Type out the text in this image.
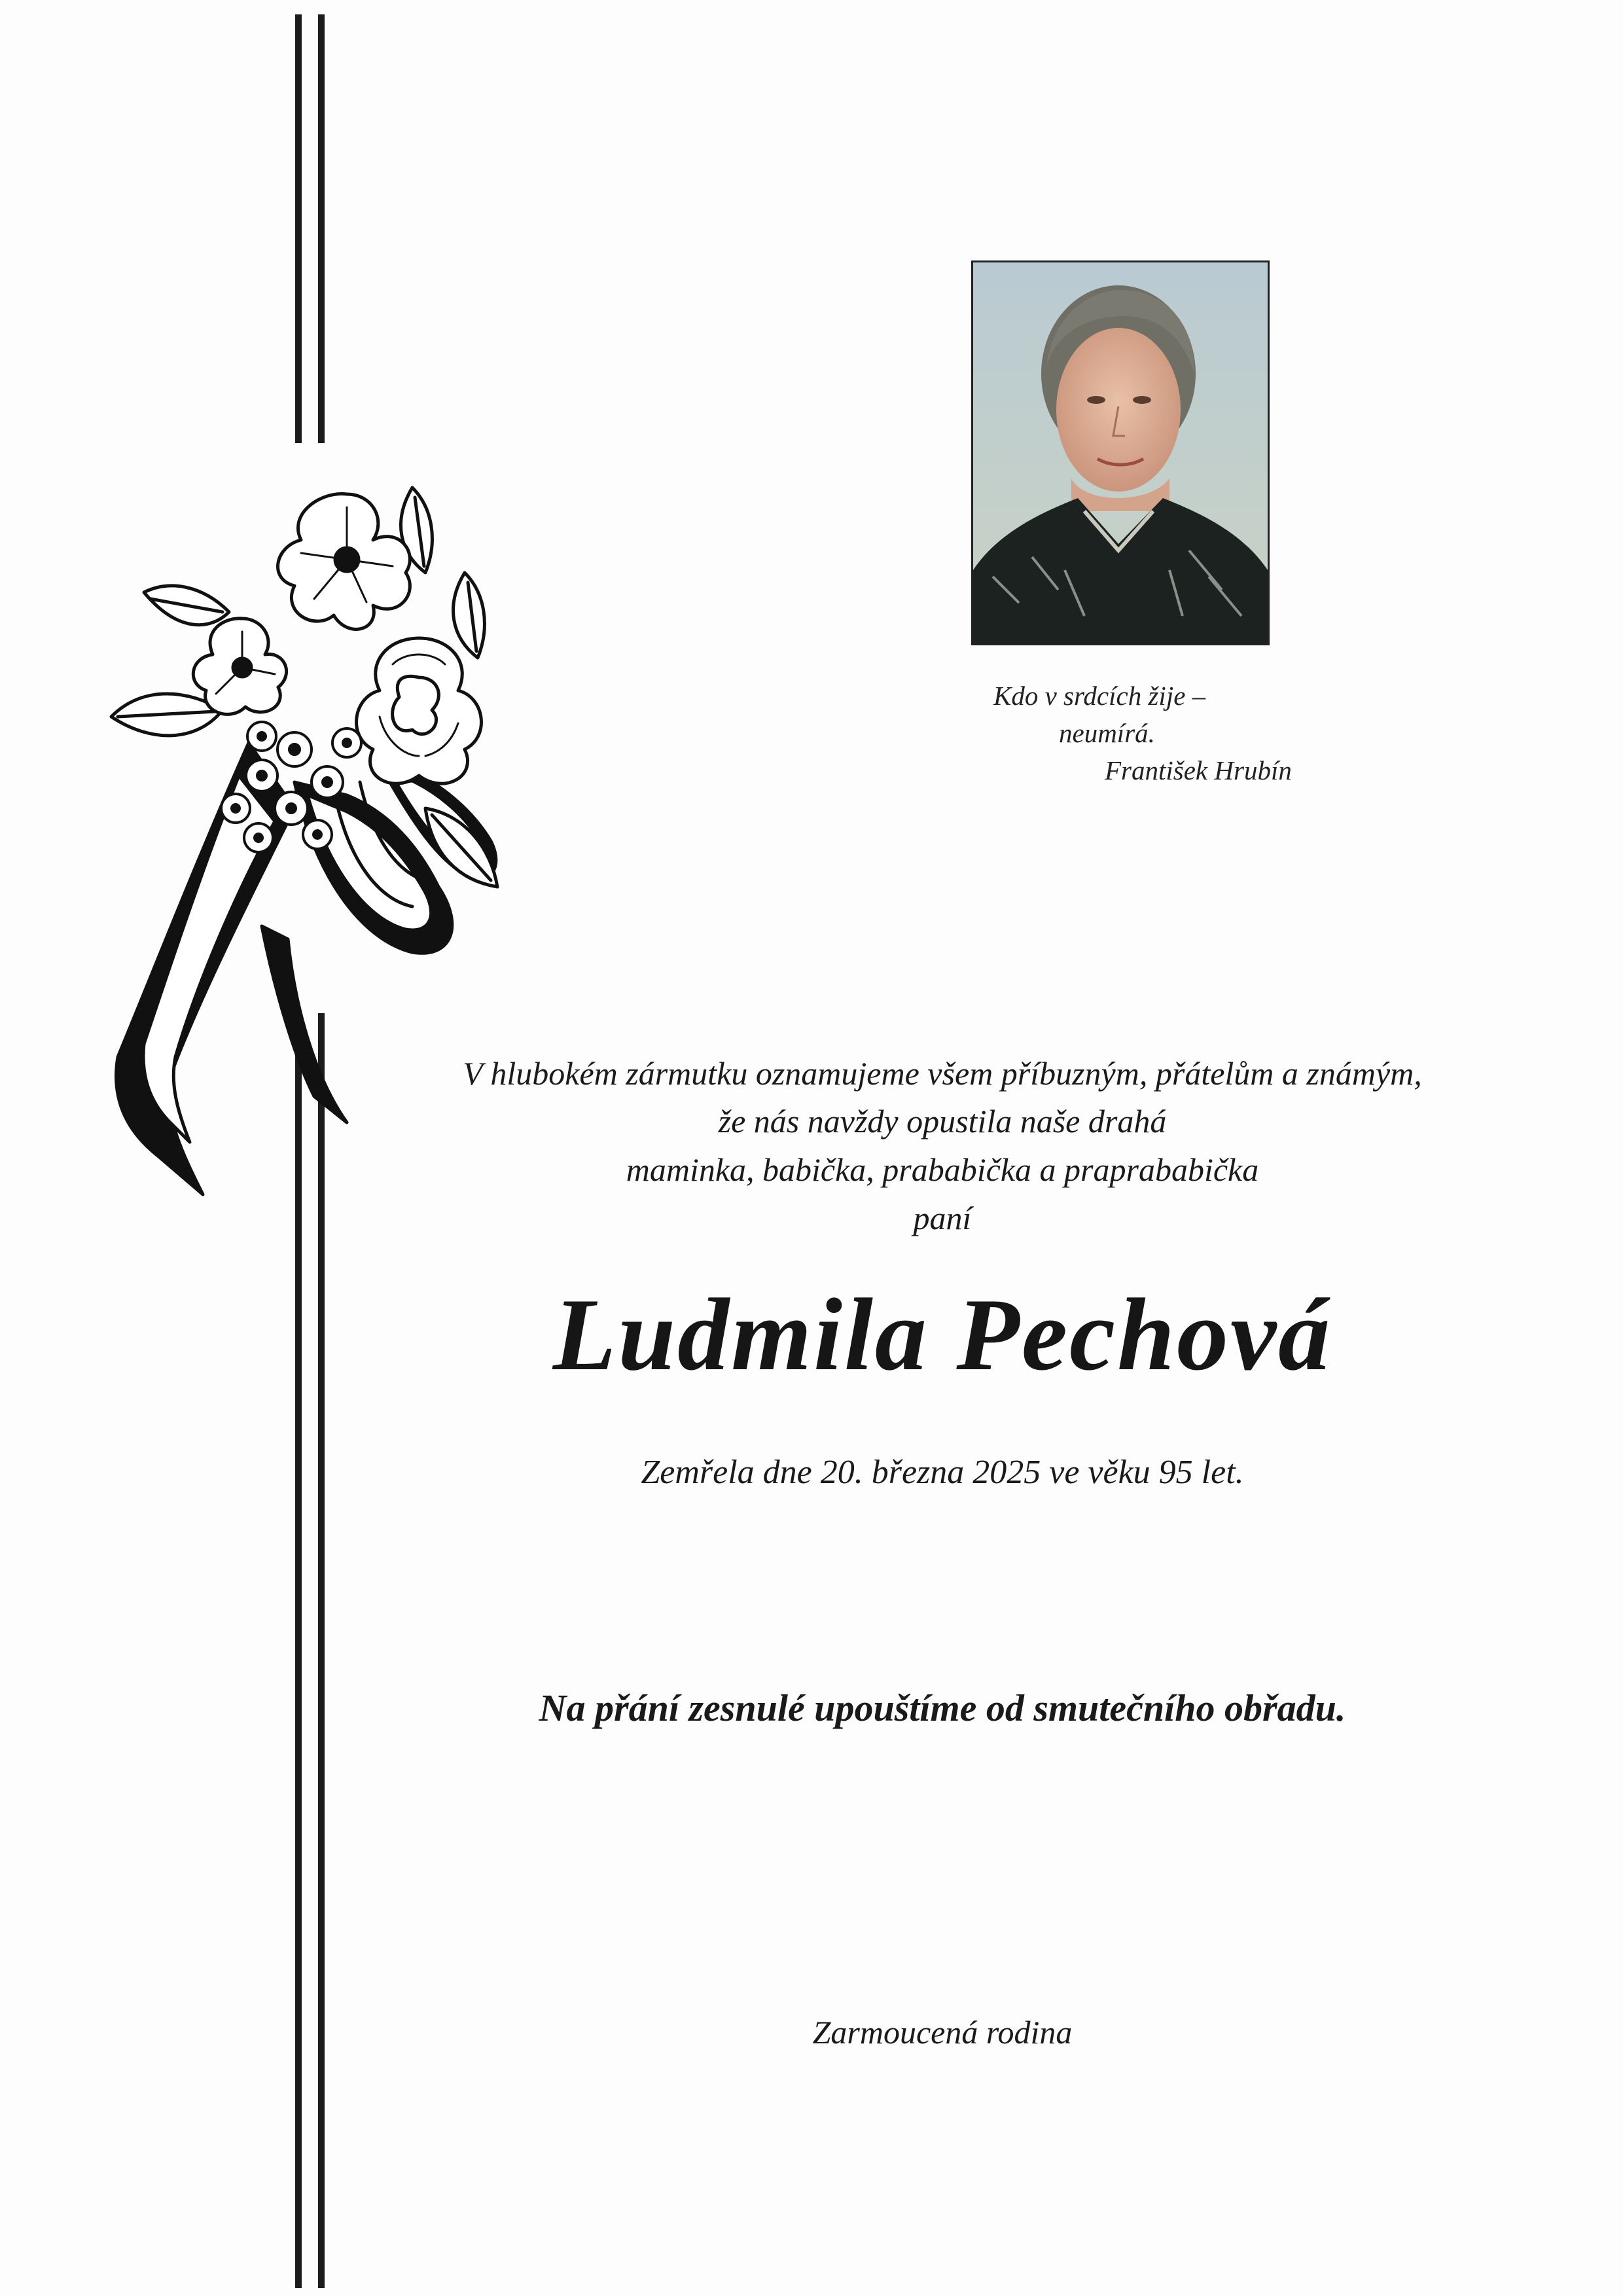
Kdo v srdcích žije –
neumírá.
František Hrubín
V hlubokém zármutku oznamujeme všem příbuzným, přátelům a známým,
že nás navždy opustila naše drahá
maminka, babička, prababička a praprababička
paní
Ludmila Pechová
Zemřela dne 20. března 2025 ve věku 95 let.
Na přání zesnulé upouštíme od smutečního obřadu.
Zarmoucená rodina
